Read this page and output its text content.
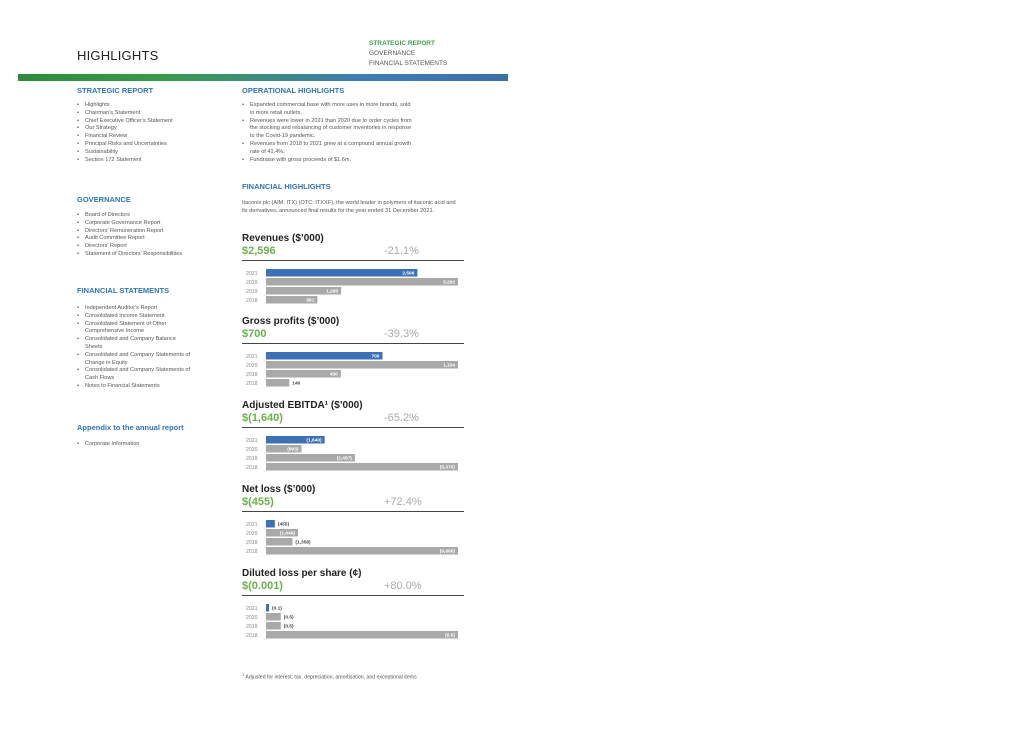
HIGHLIGHTS
STRATEGIC REPORT
GOVERNANCE
FINANCIAL STATEMENTS
STRATEGIC REPORT
• Highlights
• Chairman's Statement
• Chief Executive Officer's Statement
• Our Strategy
• Financial Review
• Principal Risks and Uncertainties
• Sustainability
• Section 172 Statement
GOVERNANCE
• Board of Directors
• Corporate Governance Report
• Directors' Remuneration Report
• Audit Committee Report
• Directors' Report
• Statement of Directors' Responsibilities
FINANCIAL STATEMENTS
• Independent Auditor's Report
• Consolidated Income Statement
• Consolidated Statement of Other
Comprehensive Income
• Consolidated and Company Balance
Sheets
• Consolidated and Company Statements of
Change in Equity
• Consolidated and Company Statements of
Cash Flows
• Notes to Financial Statements
Appendix to the annual report
• Corporate Information
OPERATIONAL HIGHLIGHTS
• Expanded commercial base with more uses in more brands, sold
in more retail outlets.
• Revenues were lower in 2021 than 2020 due to order cycles from
the stocking and rebalancing of customer inventories in response
to the Covid-19 pandemic.
• Revenues from 2018 to 2021 grew at a compound annual growth
rate of 41.4%.
• Fundraise with gross proceeds of $1.6m.
FINANCIAL HIGHLIGHTS
Itaconix plc (AIM: ITX) (OTC: ITXXF), the world leader in polymers of itaconic acid and its derivatives, announced final results for the year ended 31 December 2021.
Revenues ($’000)
$2,596	-21.1%
2021	2,596
2020	3,292
2019	1,288
2018	881
Gross profits ($’000)
$700	-39.3%
2021	700
2020	1,154
2019	450
2018	140
Adjusted EBITDA¹ ($’000)
$(1,640)	-65.2%
2021	(1,640)
2020	(993)
2019	(2,487)
2018	(5,370)
Net loss ($’000)
$(455)	+72.4%
2021	(455)
2020	(1,646)
2019	(1,358)
2018	(9,868)
Diluted loss per share (¢)
$(0.001)	+80.0%
2021	(0.1)
2020	(0.5)
2019	(0.5)
2018	(6.5)
$^1$ Adjusted for interest, tax, depreciation, amortisation, and exceptional items
